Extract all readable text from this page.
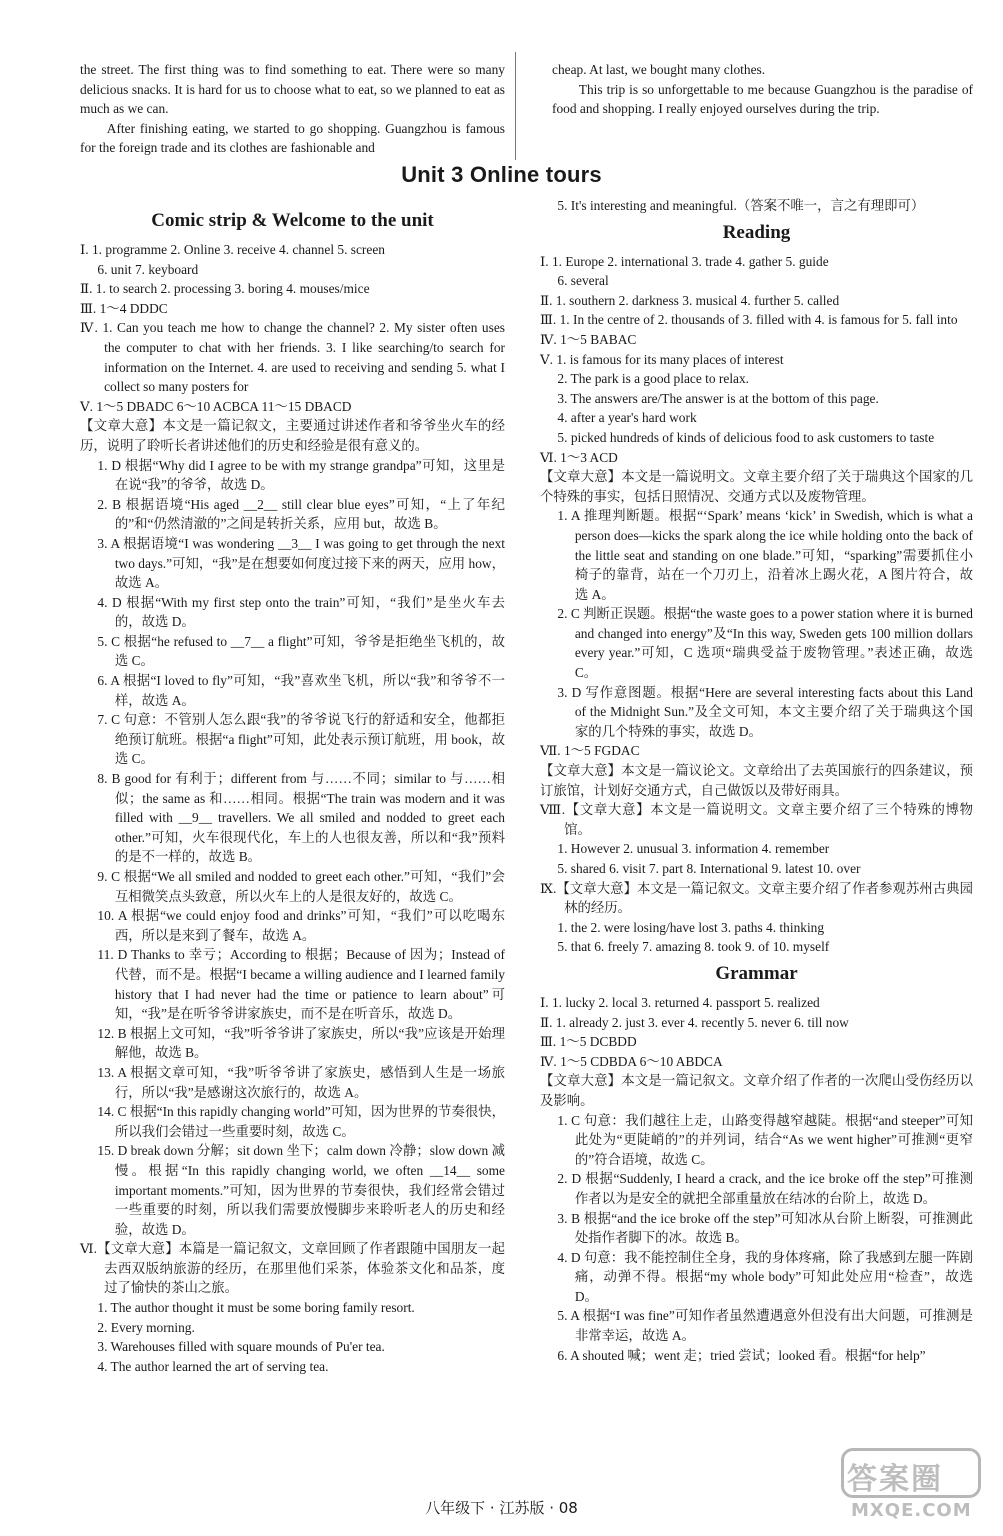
the street. The first thing was to find something to eat. There were so many delicious snacks. It is hard for us to choose what to eat, so we planned to eat as much as we can.
After finishing eating, we started to go shopping. Guangzhou is famous for the foreign trade and its clothes are fashionable and
cheap. At last, we bought many clothes.
This trip is so unforgettable to me because Guangzhou is the paradise of food and shopping. I really enjoyed ourselves during the trip.
Unit 3 Online tours
Comic strip & Welcome to the unit
Ⅰ. 1. programme 2. Online 3. receive 4. channel 5. screen
6. unit 7. keyboard
Ⅱ. 1. to search 2. processing 3. boring 4. mouses/mice
Ⅲ. 1～4 DDDC
Ⅳ. 1. Can you teach me how to change the channel? 2. My sister often uses the computer to chat with her friends. 3. I like searching/to search for information on the Internet. 4. are used to receiving and sending 5. what I collect so many posters for
Ⅴ. 1～5 DBADC 6～10 ACBCA 11～15 DBACD
【文章大意】本文是一篇记叙文，主要通过讲述作者和爷爷坐火车的经历，说明了聆听长者讲述他们的历史和经验是很有意义的。
1. D 根据“Why did I agree to be with my strange grandpa”可知，这里是在说“我”的爷爷，故选 D。
2. B 根据语境“His aged __2__ still clear blue eyes”可知，“上了年纪的”和“仍然清澈的”之间是转折关系，应用 but，故选 B。
3. A 根据语境“I was wondering __3__ I was going to get through the next two days.”可知，“我”是在想要如何度过接下来的两天，应用 how，故选 A。
4. D 根据“With my first step onto the train”可知，“我们”是坐火车去的，故选 D。
5. C 根据“he refused to __7__ a flight”可知，爷爷是拒绝坐飞机的，故选 C。
6. A 根据“I loved to fly”可知，“我”喜欢坐飞机，所以“我”和爷爷不一样，故选 A。
7. C 句意：不管别人怎么跟“我”的爷爷说飞行的舒适和安全，他都拒绝预订航班。根据“a flight”可知，此处表示预订航班，用 book，故选 C。
8. B good for 有利于；different from 与……不同；similar to 与……相似；the same as 和……相同。根据“The train was modern and it was filled with __9__ travellers. We all smiled and nodded to greet each other.”可知，火车很现代化，车上的人也很友善，所以和“我”预料的是不一样的，故选 B。
9. C 根据“We all smiled and nodded to greet each other.”可知，“我们”会互相微笑点头致意，所以火车上的人是很友好的，故选 C。
10. A 根据“we could enjoy food and drinks”可知，“我们”可以吃喝东西，所以是来到了餐车，故选 A。
11. D Thanks to 幸亏；According to 根据；Because of 因为；Instead of 代替，而不是。根据“I became a willing audience and I learned family history that I had never had the time or patience to learn about”可知，“我”是在听爷爷讲家族史，而不是在听音乐，故选 D。
12. B 根据上文可知，“我”听爷爷讲了家族史，所以“我”应该是开始理解他，故选 B。
13. A 根据文章可知，“我”听爷爷讲了家族史，感悟到人生是一场旅行，所以“我”是感谢这次旅行的，故选 A。
14. C 根据“In this rapidly changing world”可知，因为世界的节奏很快，所以我们会错过一些重要时刻，故选 C。
15. D break down 分解；sit down 坐下；calm down 冷静；slow down 减慢。根据“In this rapidly changing world, we often __14__ some important moments.”可知，因为世界的节奏很快，我们经常会错过一些重要的时刻，所以我们需要放慢脚步来聆听老人的历史和经验，故选 D。
Ⅵ.【文章大意】本篇是一篇记叙文，文章回顾了作者跟随中国朋友一起去西双版纳旅游的经历，在那里他们采茶，体验茶文化和品茶，度过了愉快的茶山之旅。
1. The author thought it must be some boring family resort.
2. Every morning.
3. Warehouses filled with square mounds of Pu'er tea.
4. The author learned the art of serving tea.
5. It's interesting and meaningful.（答案不唯一，言之有理即可）
Reading
Ⅰ. 1. Europe 2. international 3. trade 4. gather 5. guide
6. several
Ⅱ. 1. southern 2. darkness 3. musical 4. further 5. called
Ⅲ. 1. In the centre of 2. thousands of 3. filled with 4. is famous for 5. fall into
Ⅳ. 1～5 BABAC
Ⅴ. 1. is famous for its many places of interest
2. The park is a good place to relax.
3. The answers are/The answer is at the bottom of this page.
4. after a year's hard work
5. picked hundreds of kinds of delicious food to ask customers to taste
Ⅵ. 1～3 ACD
【文章大意】本文是一篇说明文。文章主要介绍了关于瑞典这个国家的几个特殊的事实，包括日照情况、交通方式以及废物管理。
1. A 推理判断题。根据“‘Spark’ means ‘kick’ in Swedish, which is what a person does—kicks the spark along the ice while holding onto the back of the little seat and standing on one blade.”可知，“sparking”需要抓住小椅子的靠背，站在一个刀刃上，沿着冰上踢火花，A 图片符合，故选 A。
2. C 判断正误题。根据“the waste goes to a power station where it is burned and changed into energy”及“In this way, Sweden gets 100 million dollars every year.”可知，C 选项“瑞典受益于废物管理。”表述正确，故选 C。
3. D 写作意图题。根据“Here are several interesting facts about this Land of the Midnight Sun.”及全文可知，本文主要介绍了关于瑞典这个国家的几个特殊的事实，故选 D。
Ⅶ. 1～5 FGDAC
【文章大意】本文是一篇议论文。文章给出了去英国旅行的四条建议，预订旅馆，计划好交通方式，自己做饭以及带好雨具。
Ⅷ.【文章大意】本文是一篇说明文。文章主要介绍了三个特殊的博物馆。
1. However 2. unusual 3. information 4. remember
5. shared 6. visit 7. part 8. International 9. latest 10. over
Ⅸ.【文章大意】本文是一篇记叙文。文章主要介绍了作者参观苏州古典园林的经历。
1. the 2. were losing/have lost 3. paths 4. thinking
5. that 6. freely 7. amazing 8. took 9. of 10. myself
Grammar
Ⅰ. 1. lucky 2. local 3. returned 4. passport 5. realized
Ⅱ. 1. already 2. just 3. ever 4. recently 5. never 6. till now
Ⅲ. 1～5 DCBDD
Ⅳ. 1～5 CDBDA 6～10 ABDCA
【文章大意】本文是一篇记叙文。文章介绍了作者的一次爬山受伤经历以及影响。
1. C 句意：我们越往上走，山路变得越窄越陡。根据“and steeper”可知此处为“更陡峭的”的并列词，结合“As we went higher”可推测“更窄的”符合语境，故选 C。
2. D 根据“Suddenly, I heard a crack, and the ice broke off the step”可推测作者以为是安全的就把全部重量放在结冰的台阶上，故选 D。
3. B 根据“and the ice broke off the step”可知冰从台阶上断裂，可推测此处指作者脚下的冰。故选 B。
4. D 句意：我不能控制住全身，我的身体疼痛，除了我感到左腿一阵剧痛，动弹不得。根据“my whole body”可知此处应用“检查”，故选 D。
5. A 根据“I was fine”可知作者虽然遭遇意外但没有出大问题，可推测是非常幸运，故选 A。
6. A shouted 喊；went 走；tried 尝试；looked 看。根据“for help”
八年级下 · 江苏版 · 08
答案圈
MXQE.COM
